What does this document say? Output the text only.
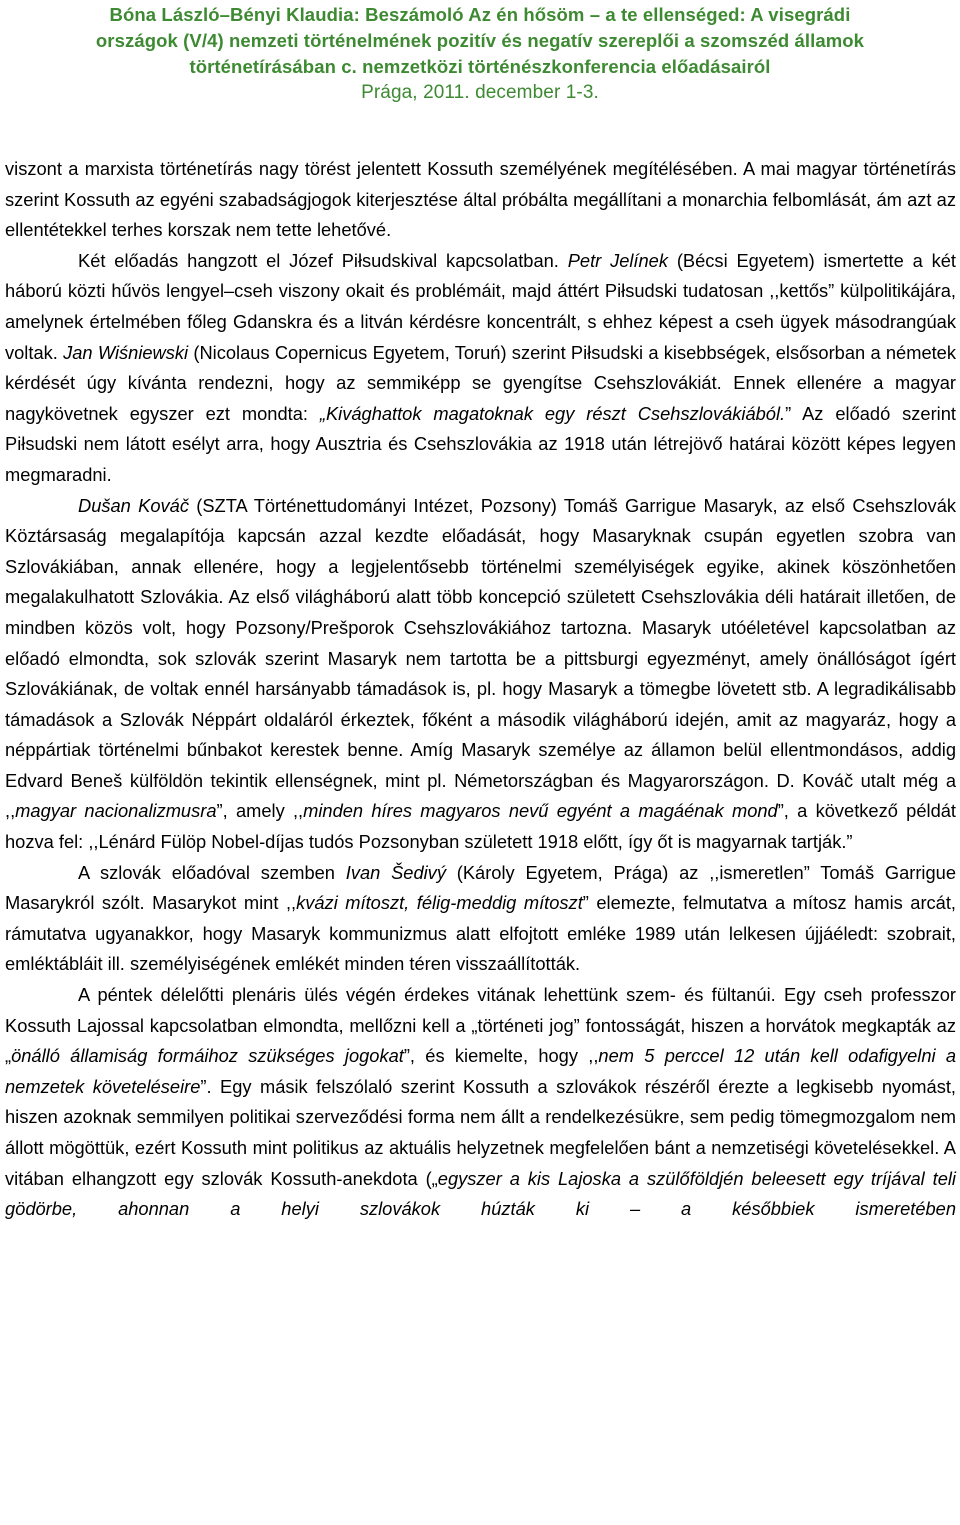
Bóna László–Bényi Klaudia: Beszámoló Az én hősöm – a te ellenséged: A visegrádi
országok (V/4) nemzeti történelmének pozitív és negatív szereplői a szomszéd államok
történetírásában c. nemzetközi történészkonferencia előadásairól
Prága, 2011. december 1-3.

viszont a marxista történetírás nagy törést jelentett Kossuth személyének megítélésében. A mai magyar történetírás szerint Kossuth az egyéni szabadságjogok kiterjesztése által próbálta megállítani a monarchia felbomlását, ám azt az ellentétekkel terhes korszak nem tette lehetővé.

Két előadás hangzott el Józef Piłsudskival kapcsolatban. Petr Jelínek (Bécsi Egyetem) ismertette a két háború közti hűvös lengyel–cseh viszony okait és problémáit, majd áttért Piłsudski tudatosan ,,kettős” külpolitikájára, amelynek értelmében főleg Gdanskra és a litván kérdésre koncentrált, s ehhez képest a cseh ügyek másodrangúak voltak. Jan Wiśniewski (Nicolaus Copernicus Egyetem, Toruń) szerint Piłsudski a kisebbségek, elsősorban a németek kérdését úgy kívánta rendezni, hogy az semmiképp se gyengítse Csehszlovákiát. Ennek ellenére a magyar nagykövetnek egyszer ezt mondta: „Kivághattok magatoknak egy részt Csehszlovákiából.” Az előadó szerint Piłsudski nem látott esélyt arra, hogy Ausztria és Csehszlovákia az 1918 után létrejövő határai között képes legyen megmaradni.

Dušan Kováč (SZTA Történettudományi Intézet, Pozsony) Tomáš Garrigue Masaryk, az első Csehszlovák Köztársaság megalapítója kapcsán azzal kezdte előadását, hogy Masaryknak csupán egyetlen szobra van Szlovákiában, annak ellenére, hogy a legjelentősebb történelmi személyiségek egyike, akinek köszönhetően megalakulhatott Szlovákia. Az első világháború alatt több koncepció született Csehszlovákia déli határait illetően, de mindben közös volt, hogy Pozsony/Prešporok Csehszlovákiához tartozna. Masaryk utóéletével kapcsolatban az előadó elmondta, sok szlovák szerint Masaryk nem tartotta be a pittsburgi egyezményt, amely önállóságot ígért Szlovákiának, de voltak ennél harsányabb támadások is, pl. hogy Masaryk a tömegbe lövetett stb. A legradikálisabb támadások a Szlovák Néppárt oldaláról érkeztek, főként a második világháború idején, amit az magyaráz, hogy a néppártiak történelmi bűnbakot kerestek benne. Amíg Masaryk személye az államon belül ellentmondásos, addig Edvard Beneš külföldön tekintik ellenségnek, mint pl. Németországban és Magyarországon. D. Kováč utalt még a ,,magyar nacionalizmusra”, amely ,,minden híres magyaros nevű egyént a magáénak mond”, a következő példát hozva fel: ,,Lénárd Fülöp Nobel-díjas tudós Pozsonyban született 1918 előtt, így őt is magyarnak tartják.”

A szlovák előadóval szemben Ivan Šedivý (Károly Egyetem, Prága) az ,,ismeretlen” Tomáš Garrigue Masarykról szólt. Masarykot mint ,,kvázi mítoszt, félig-meddig mítoszt” elemezte, felmutatva a mítosz hamis arcát, rámutatva ugyanakkor, hogy Masaryk kommunizmus alatt elfojtott emléke 1989 után lelkesen újjáéledt: szobrait, emléktábláit ill. személyiségének emlékét minden téren visszaállították.

A péntek délelőtti plenáris ülés végén érdekes vitának lehettünk szem- és fültanúi. Egy cseh professzor Kossuth Lajossal kapcsolatban elmondta, mellőzni kell a „történeti jog” fontosságát, hiszen a horvátok megkapták az „önálló államiság formáihoz szükséges jogokat”, és kiemelte, hogy ,,nem 5 perccel 12 után kell odafigyelni a nemzetek követeléseire”. Egy másik felszólaló szerint Kossuth a szlovákok részéről érezte a legkisebb nyomást, hiszen azoknak semmilyen politikai szerveződési forma nem állt a rendelkezésükre, sem pedig tömegmozgalom nem állott mögöttük, ezért Kossuth mint politikus az aktuális helyzetnek megfelelően bánt a nemzetiségi követelésekkel. A vitában elhangzott egy szlovák Kossuth-anekdota („egyszer a kis Lajoska a szülőföldjén beleesett egy tríjával teli gödörbe, ahonnan a helyi szlovákok húzták ki – a későbbiek ismeretében
